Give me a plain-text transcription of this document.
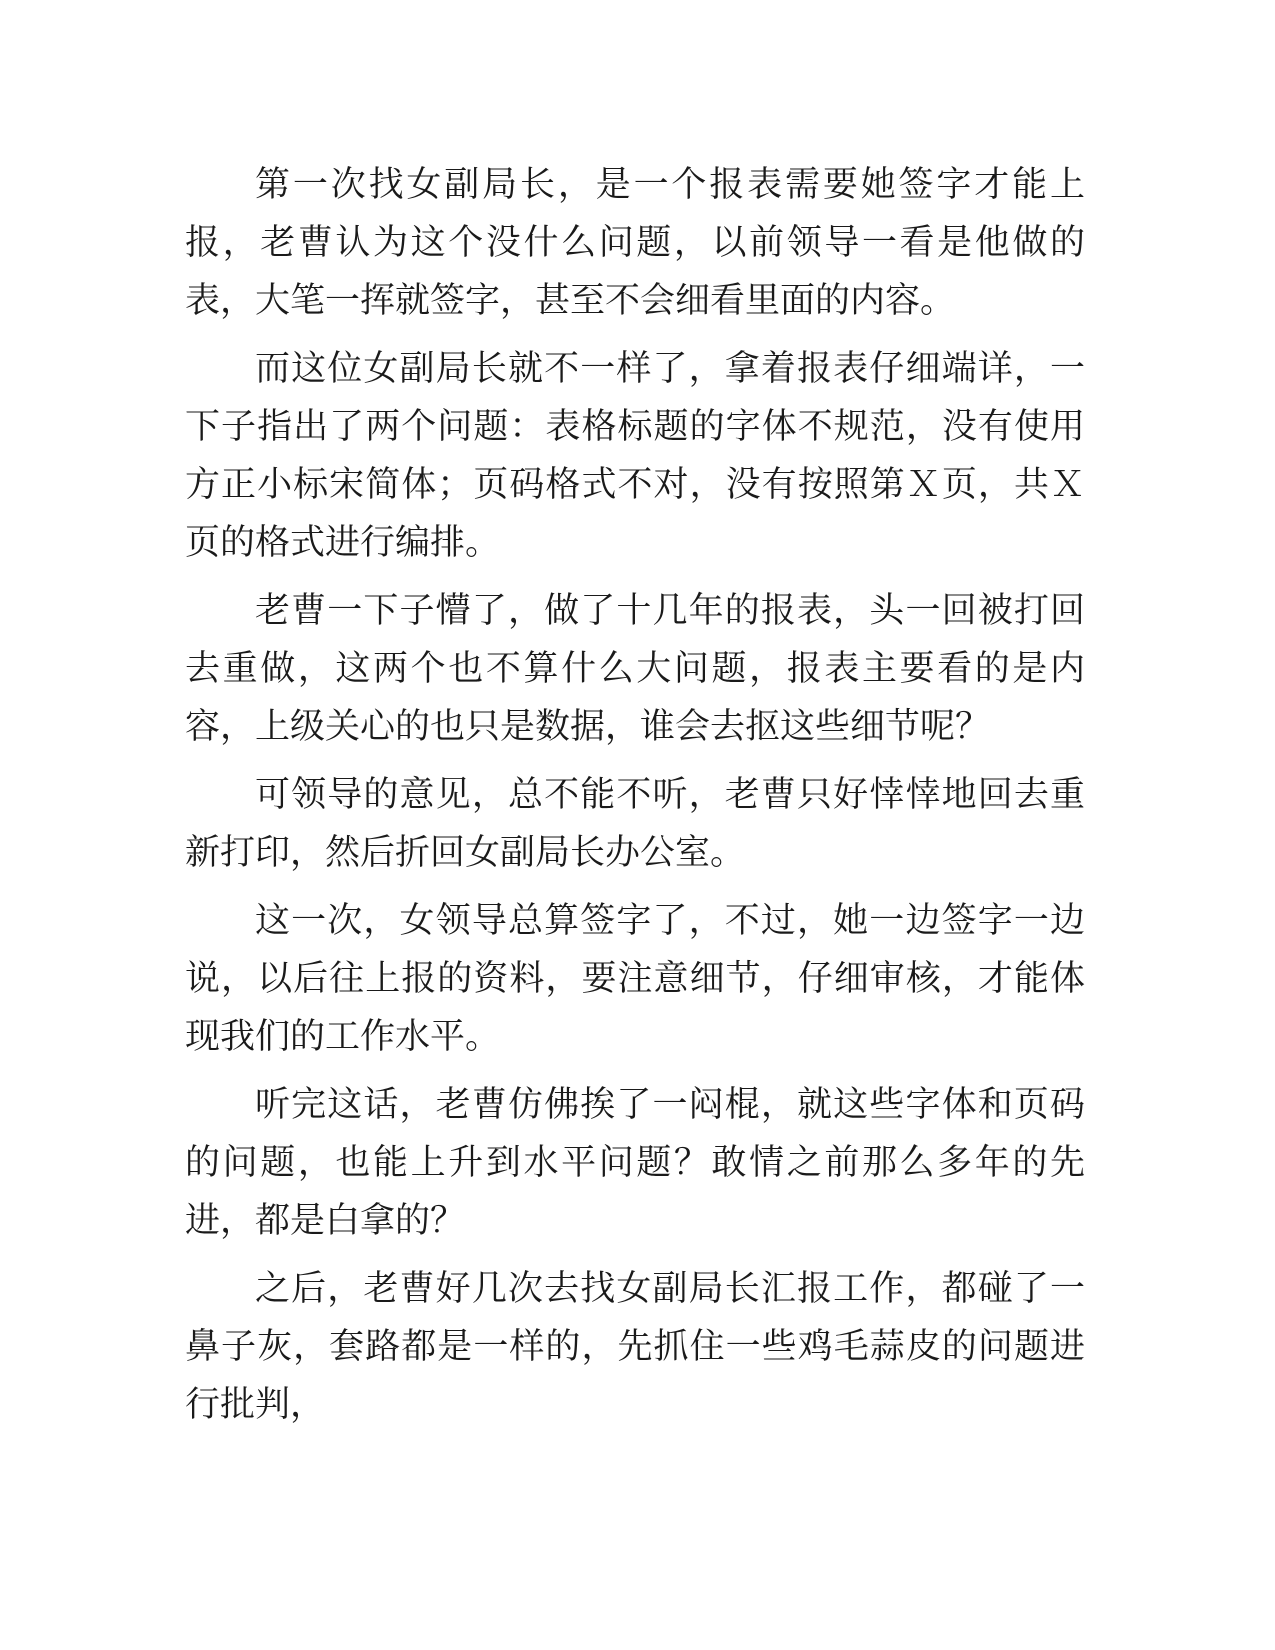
第一次找女副局长，是一个报表需要她签字才能上报，老曹认为这个没什么问题，以前领导一看是他做的表，大笔一挥就签字，甚至不会细看里面的内容。

而这位女副局长就不一样了，拿着报表仔细端详，一下子指出了两个问题：表格标题的字体不规范，没有使用方正小标宋简体；页码格式不对，没有按照第Ｘ页，共Ｘ页的格式进行编排。

老曹一下子懵了，做了十几年的报表，头一回被打回去重做，这两个也不算什么大问题，报表主要看的是内容，上级关心的也只是数据，谁会去抠这些细节呢？

可领导的意见，总不能不听，老曹只好悻悻地回去重新打印，然后折回女副局长办公室。

这一次，女领导总算签字了，不过，她一边签字一边说，以后往上报的资料，要注意细节，仔细审核，才能体现我们的工作水平。

听完这话，老曹仿佛挨了一闷棍，就这些字体和页码的问题，也能上升到水平问题？敢情之前那么多年的先进，都是白拿的？

之后，老曹好几次去找女副局长汇报工作，都碰了一鼻子灰，套路都是一样的，先抓住一些鸡毛蒜皮的问题进行批判，
